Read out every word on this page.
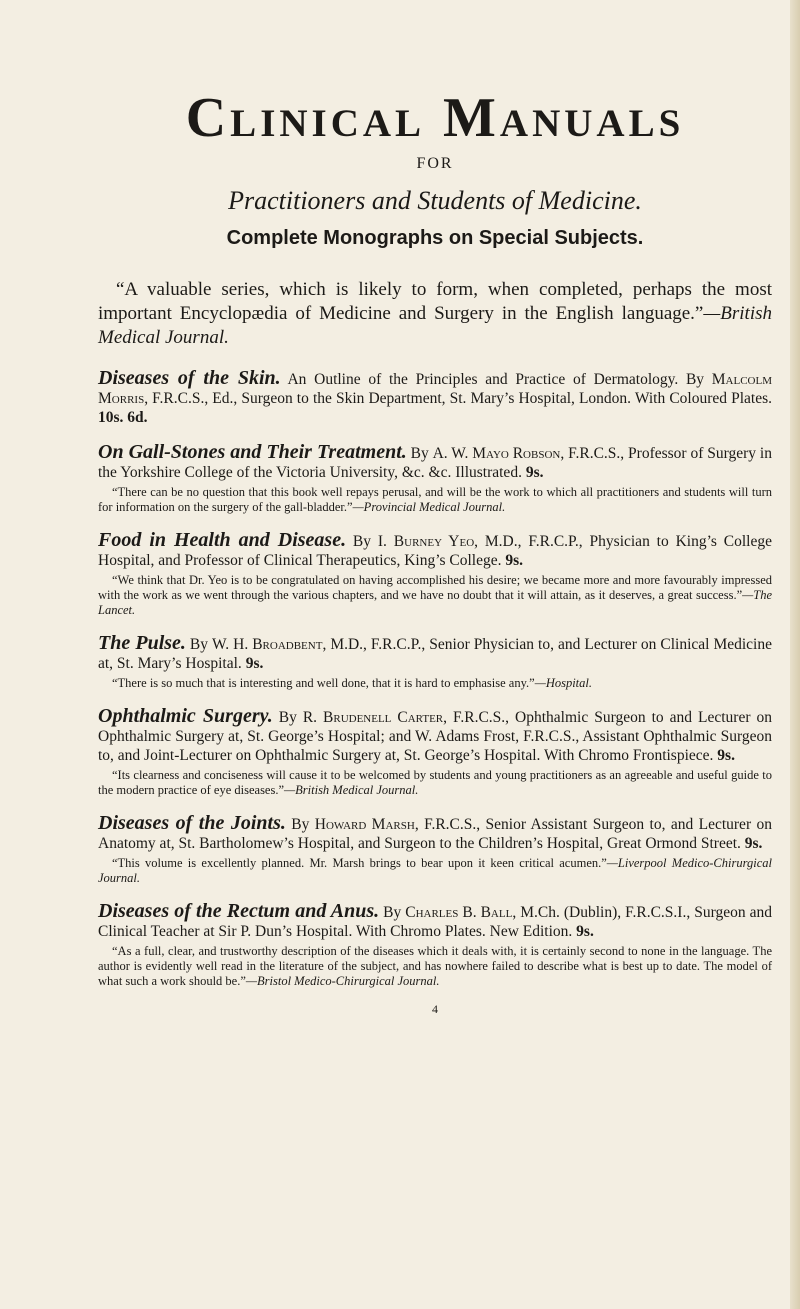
Clinical Manuals
FOR
Practitioners and Students of Medicine.
Complete Monographs on Special Subjects.

“A valuable series, which is likely to form, when completed, perhaps the most important Encyclopædia of Medicine and Surgery in the English language.”—British Medical Journal.

Diseases of the Skin. An Outline of the Principles and Practice of Dermatology. By Malcolm Morris, F.R.C.S., Ed., Surgeon to the Skin Department, St. Mary’s Hospital, London. With Coloured Plates. 10s. 6d.

On Gall-Stones and Their Treatment. By A. W. Mayo Robson, F.R.C.S., Professor of Surgery in the Yorkshire College of the Victoria University, &c. &c. Illustrated. 9s.

“There can be no question that this book well repays perusal, and will be the work to which all practitioners and students will turn for information on the surgery of the gall-bladder.”—Provincial Medical Journal.

Food in Health and Disease. By I. Burney Yeo, M.D., F.R.C.P., Physician to King’s College Hospital, and Professor of Clinical Therapeutics, King’s College. 9s.

“We think that Dr. Yeo is to be congratulated on having accomplished his desire; we became more and more favourably impressed with the work as we went through the various chapters, and we have no doubt that it will attain, as it deserves, a great success.”—The Lancet.

The Pulse. By W. H. Broadbent, M.D., F.R.C.P., Senior Physician to, and Lecturer on Clinical Medicine at, St. Mary’s Hospital. 9s.

“There is so much that is interesting and well done, that it is hard to emphasise any.”—Hospital.

Ophthalmic Surgery. By R. Brudenell Carter, F.R.C.S., Ophthalmic Surgeon to and Lecturer on Ophthalmic Surgery at, St. George’s Hospital; and W. Adams Frost, F.R.C.S., Assistant Ophthalmic Surgeon to, and Joint-Lecturer on Ophthalmic Surgery at, St. George’s Hospital. With Chromo Frontispiece. 9s.

“Its clearness and conciseness will cause it to be welcomed by students and young practitioners as an agreeable and useful guide to the modern practice of eye diseases.”—British Medical Journal.

Diseases of the Joints. By Howard Marsh, F.R.C.S., Senior Assistant Surgeon to, and Lecturer on Anatomy at, St. Bartholomew’s Hospital, and Surgeon to the Children’s Hospital, Great Ormond Street. 9s.

“This volume is excellently planned. Mr. Marsh brings to bear upon it keen critical acumen.”—Liverpool Medico-Chirurgical Journal.

Diseases of the Rectum and Anus. By Charles B. Ball, M.Ch. (Dublin), F.R.C.S.I., Surgeon and Clinical Teacher at Sir P. Dun’s Hospital. With Chromo Plates. New Edition. 9s.

“As a full, clear, and trustworthy description of the diseases which it deals with, it is certainly second to none in the language. The author is evidently well read in the literature of the subject, and has nowhere failed to describe what is best up to date. The model of what such a work should be.”—Bristol Medico-Chirurgical Journal.

4
